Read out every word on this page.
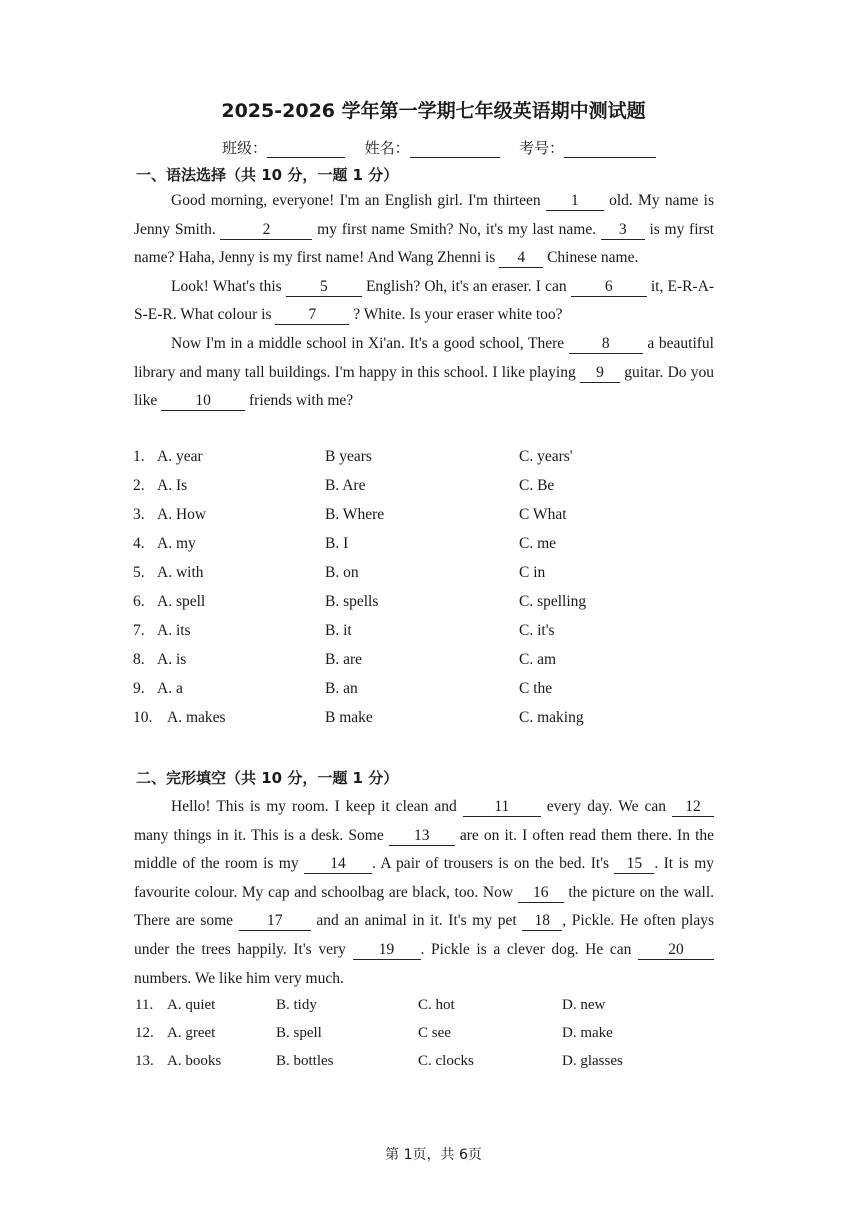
2025-2026 学年第一学期七年级英语期中测试题
班级：	姓名：	考号：
一、语法选择（共 10 分，一题 1 分）

Good morning, everyone! I'm an English girl. I'm thirteen 1 old. My name is Jenny Smith.	2	my first name Smith? No, it's my last name. 3 is my first name? Haha, Jenny is my first name! And Wang Zhenni is 4 Chinese name.

Look! What's this 5 English? Oh, it's an eraser. I can 6 it, E-R-A-S-E-R. What colour is 7 ? White. Is your eraser white too?

Now I'm in a middle school in Xi'an. It's a good school, There 8 a beautiful library and many tall buildings. I'm happy in this school. I like playing 9 guitar. Do you like 10 friends with me?

1. A. year	B years	C. years'
2. A. Is	B. Are	C. Be
3. A. How	B. Where	C What
4. A. my	B. I	C. me
5. A. with	B. on	C in
6. A. spell	B. spells	C. spelling
7. A. its	B. it	C. it's
8. A. is	B. are	C. am
9. A. a	B. an	C the
10. A. makes	B make	C. making
二、完形填空（共 10 分，一题 1 分）

Hello! This is my room. I keep it clean and 11 every day. We can 12 many things in it. This is a desk. Some 13 are on it. I often read them there. In the middle of the room is my 14 . A pair of trousers is on the bed. It's 15 . It is my favourite colour. My cap and schoolbag are black, too. Now 16 the picture on the wall. There are some 17 and an animal in it. It's my pet 18 , Pickle. He often plays under the trees happily. It's very 19 . Pickle is a clever dog. He can 20 numbers. We like him very much.

11. A. quiet	B. tidy	C. hot	D. new
12. A. greet	B. spell	C see	D. make
13. A. books	B. bottles	C. clocks	D. glasses
第 1页，共 6页
